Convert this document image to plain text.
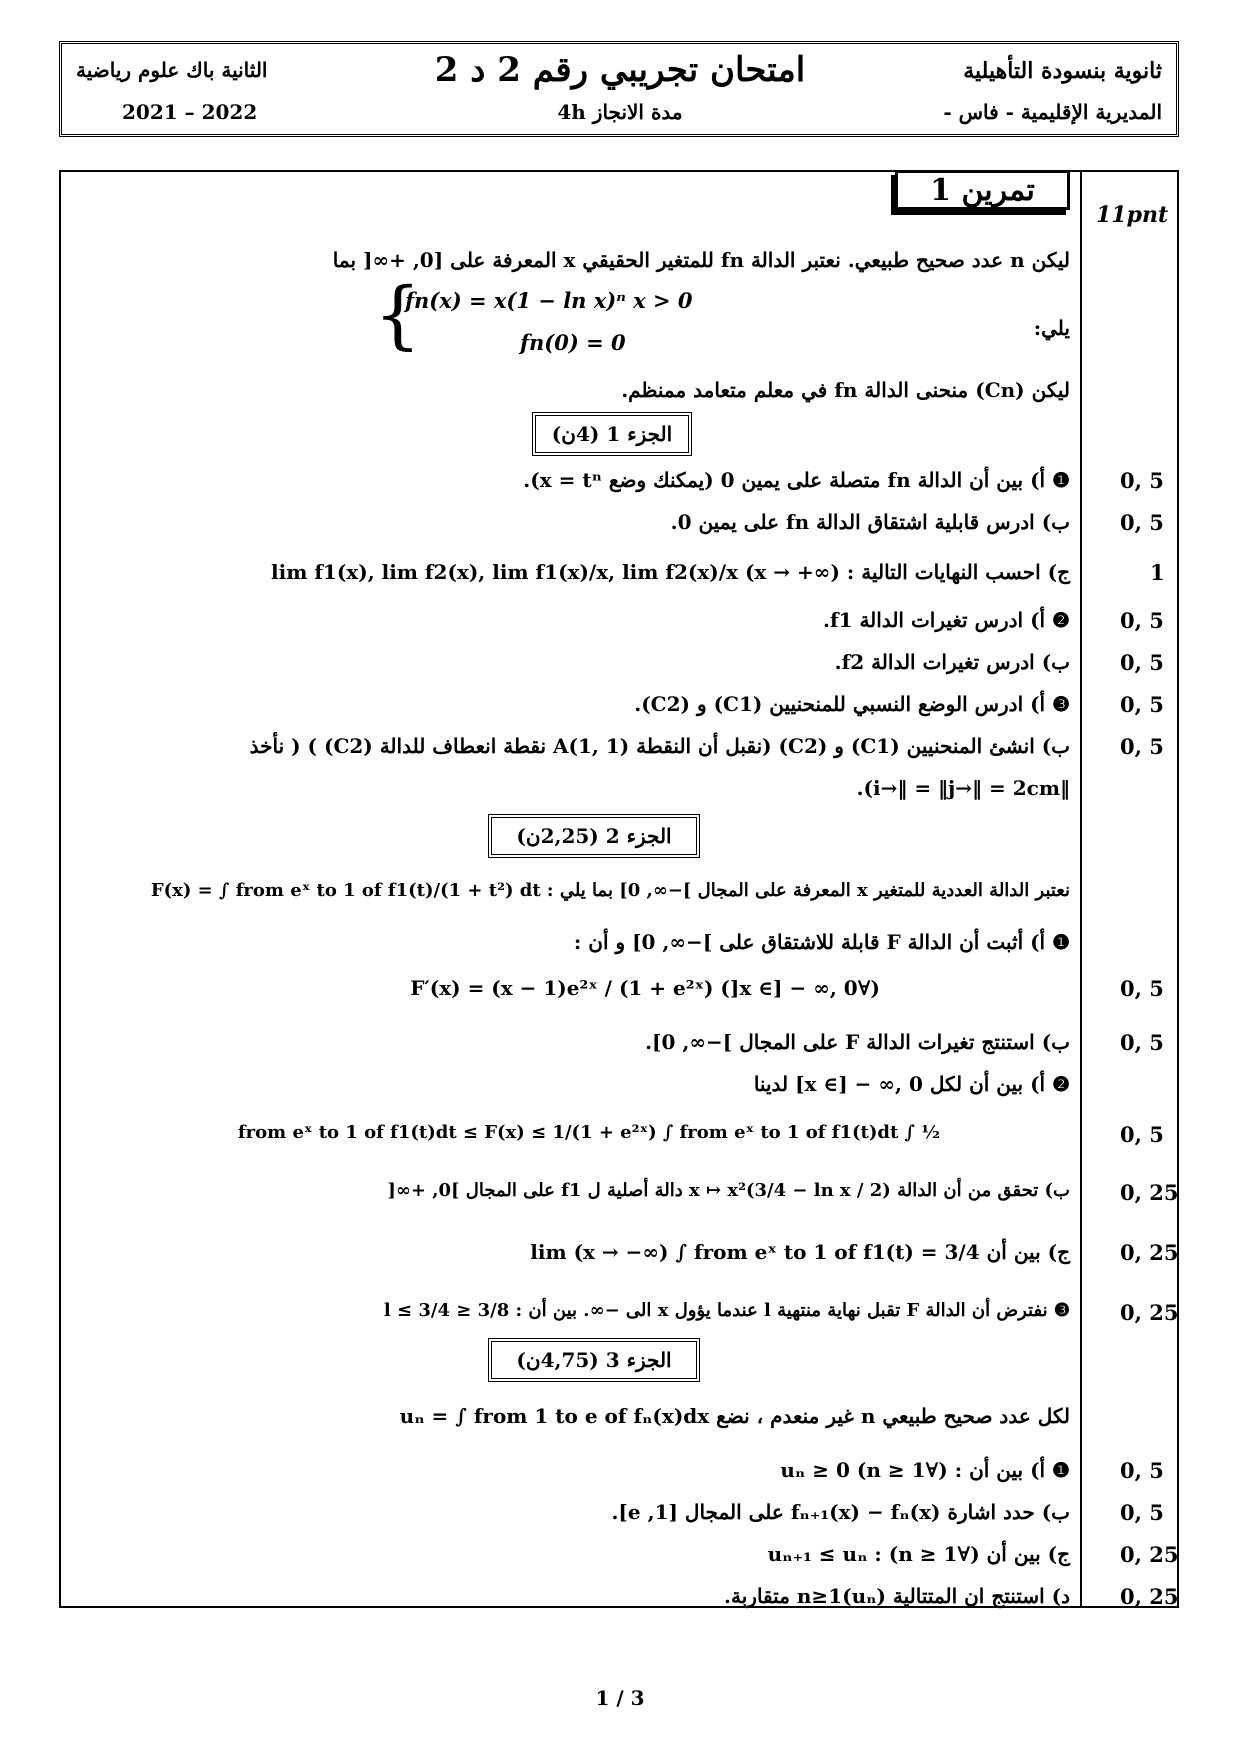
ثانوية بنسودة التأهيلية
المديرية الإقليمية - فاس -
امتحان تجريبي رقم 2 د 2
مدة الانجاز 4h
الثانية باك علوم رياضية
2021 – 2022
تمرين 1
11pnt
ليكن n عدد صحيح طبيعي. نعتبر الدالة fn للمتغير الحقيقي x المعرفة على [0, +∞[ بما
{
fn(x) = x(1 − ln x)ⁿ x > 0
fn(0) = 0
يلي:
ليكن (Cn) منحنى الدالة fn في معلم متعامد ممنظم.
الجزء 1 (4ن)
❶ أ) بين أن الدالة fn متصلة على يمين 0 (يمكنك وضع x = tⁿ). 0, 5
ب) ادرس قابلية اشتقاق الدالة fn على يمين 0. 0, 5
ج) احسب النهايات التالية : lim f1(x), lim f2(x), lim f1(x)/x, lim f2(x)/x (x → +∞)	1
❷ أ) ادرس تغيرات الدالة f1. 0, 5
ب) ادرس تغيرات الدالة f2. 0, 5
❸ أ) ادرس الوضع النسبي للمنحنيين (C1) و (C2). 0, 5
ب) انشئ المنحنيين (C1) و (C2) (نقبل أن النقطة A(1, 1) نقطة انعطاف للدالة (C2) ) ( نأخذ 0, 5
‖i→‖ = ‖j→‖ = 2cm).
الجزء 2 (2,25ن)
نعتبر الدالة العددية للمتغير x المعرفة على المجال ]−∞, 0] بما يلي : F(x) = ∫ from eˣ to 1 of f1(t)/(1 + t²) dt
❶ أ) أثبت أن الدالة F قابلة للاشتقاق على ]−∞, 0] و أن :
(∀x ∈] − ∞, 0[) F′(x) = (x − 1)e²ˣ / (1 + e²ˣ)	0, 5
ب) استنتج تغيرات الدالة F على المجال ]−∞, 0]. 0, 5
❷ أ) بين أن لكل x ∈] − ∞, 0] لدينا
½ ∫ from eˣ to 1 of f1(t)dt ≤ F(x) ≤ 1/(1 + e²ˣ) ∫ from eˣ to 1 of f1(t)dt	0, 5
ب) تحقق من أن الدالة x ↦ x²(3/4 − ln x / 2) دالة أصلية ل f1 على المجال ]0, +∞[ 0, 25
ج) بين أن lim (x → −∞) ∫ from eˣ to 1 of f1(t) = 3/4 0, 25
❸ نفترض أن الدالة F تقبل نهاية منتهية l عندما يؤول x الى −∞. بين أن : 3/8 ≤ l ≤ 3/4 0, 25
الجزء 3 (4,75ن)
لكل عدد صحيح طبيعي n غير منعدم ، نضع uₙ = ∫ from 1 to e of fₙ(x)dx
❶ أ) بين أن : (∀n ≥ 1) uₙ ≥ 0 0, 5
ب) حدد اشارة fₙ₊₁(x) − fₙ(x) على المجال [1, e]. 0, 5
ج) بين أن (∀n ≥ 1) : uₙ₊₁ ≤ uₙ 0, 25
د) استنتج ان المتتالية (uₙ)n≥1 متقاربة. 0, 25
1 / 3
